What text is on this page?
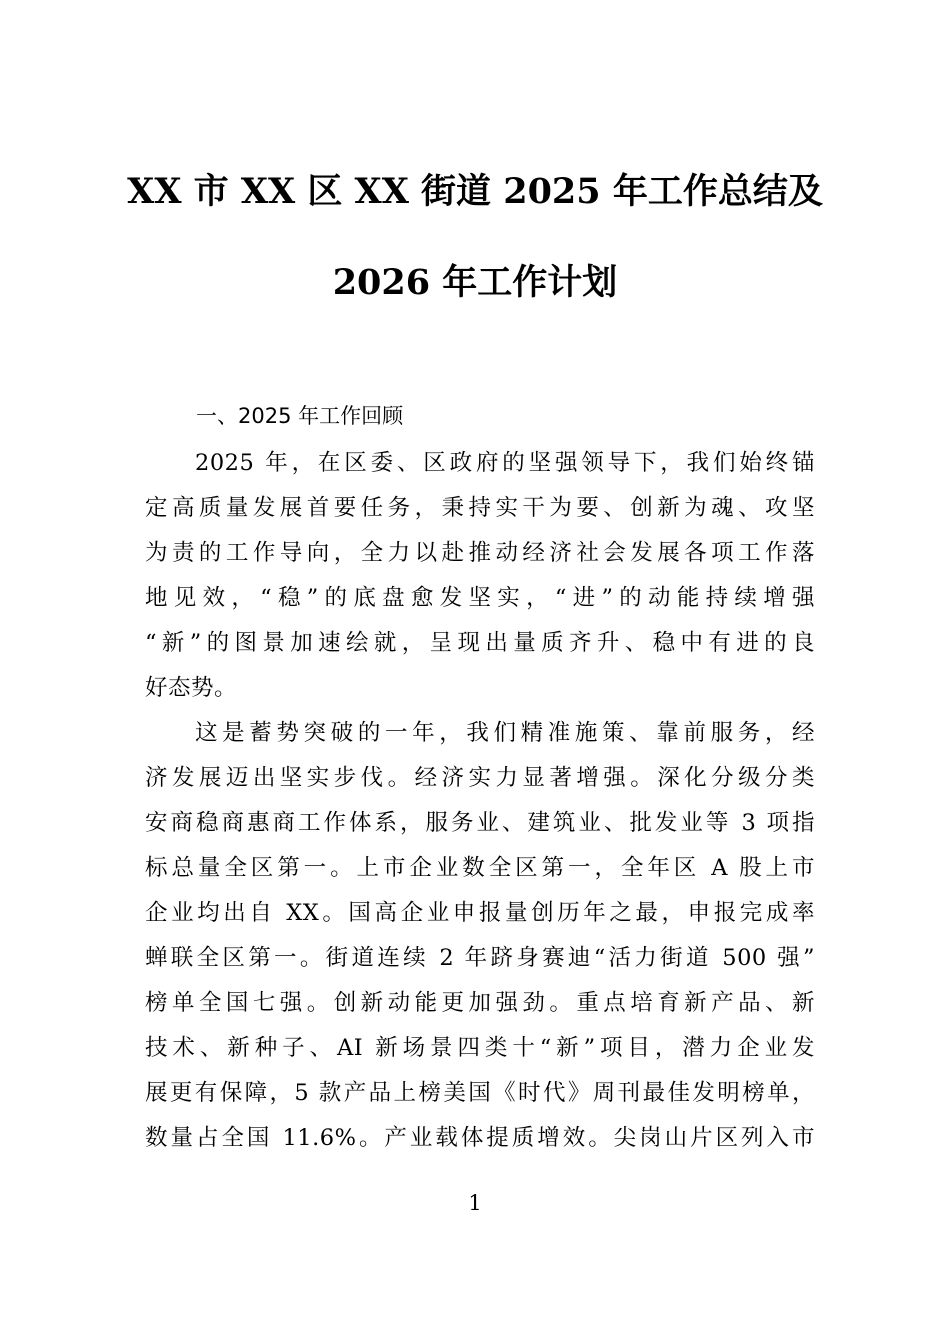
XX 市 XX 区 XX 街道 2025 年工作总结及
2026 年工作计划
一、2025 年工作回顾
2025 年，在区委、区政府的坚强领导下，我们始终锚
定高质量发展首要任务，秉持实干为要、创新为魂、攻坚
为责的工作导向，全力以赴推动经济社会发展各项工作落
地见效，“稳”的底盘愈发坚实，“进”的动能持续增强
“新”的图景加速绘就，呈现出量质齐升、稳中有进的良
好态势。
这是蓄势突破的一年，我们精准施策、靠前服务，经
济发展迈出坚实步伐。经济实力显著增强。深化分级分类
安商稳商惠商工作体系，服务业、建筑业、批发业等 3 项指
标总量全区第一。上市企业数全区第一，全年区 A 股上市
企业均出自 XX。国高企业申报量创历年之最，申报完成率
蝉联全区第一。街道连续 2 年跻身赛迪“活力街道 500 强”
榜单全国七强。创新动能更加强劲。重点培育新产品、新
技术、新种子、AI 新场景四类十“新”项目，潜力企业发
展更有保障，5 款产品上榜美国《时代》周刊最佳发明榜单，
数量占全国 11.6%。产业载体提质增效。尖岗山片区列入市
1
